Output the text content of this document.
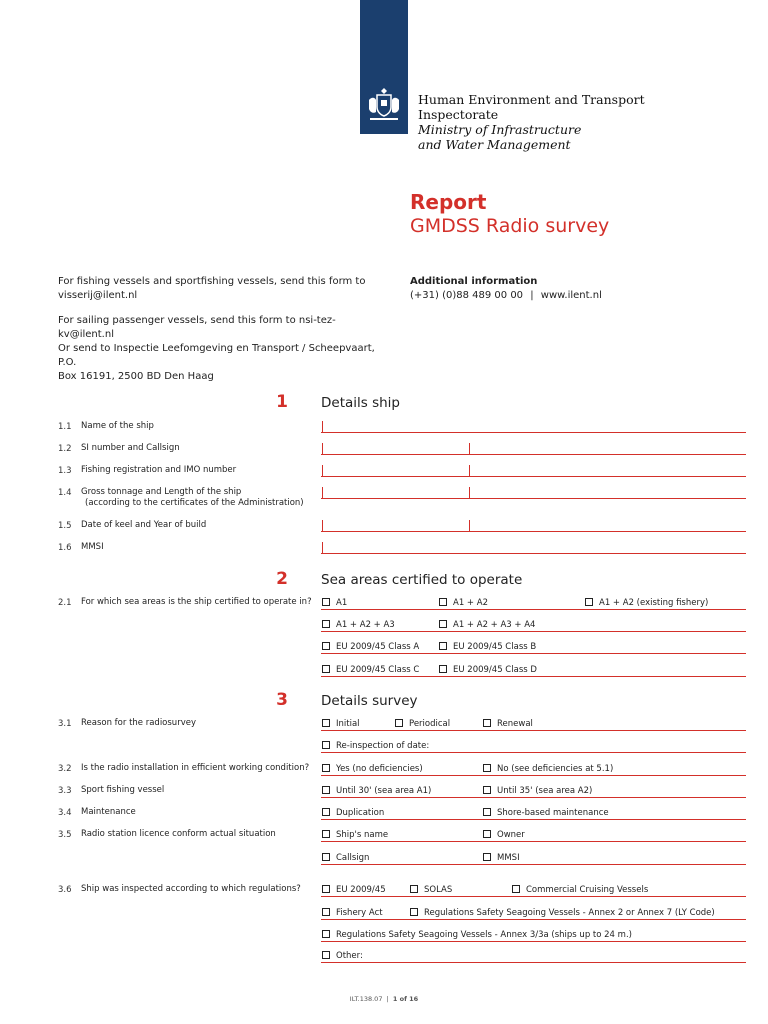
Human Environment and Transport
Inspectorate
Ministry of Infrastructure
and Water Management
Report
GMDSS Radio survey
For fishing vessels and sportfishing vessels, send this form to
visserij@ilent.nl
For sailing passenger vessels, send this form to nsi-tez-kv@ilent.nl
Or send to Inspectie Leefomgeving en Transport / Scheepvaart, P.O.
Box 16191, 2500 BD Den Haag
Additional information
(+31) (0)88 489 00 00 | www.ilent.nl
1 Details ship
1.1 Name of the ship
1.2 SI number and Callsign
1.3 Fishing registration and IMO number
1.4 Gross tonnage and Length of the ship
(according to the certificates of the Administration)
1.5 Date of keel and Year of build
1.6 MMSI
2 Sea areas certified to operate
2.1 For which sea areas is the ship certified to operate in?	A1	A1 + A2	A1 + A2 (existing fishery)
A1 + A2 + A3	A1 + A2 + A3 + A4
EU 2009/45 Class A	EU 2009/45 Class B
EU 2009/45 Class C	EU 2009/45 Class D
3 Details survey
3.1 Reason for the radiosurvey	Initial	Periodical	Renewal
Re-inspection of date:
3.2 Is the radio installation in efficient working condition?	Yes (no deficiencies)	No (see deficiencies at 5.1)
3.3 Sport fishing vessel	Until 30' (sea area A1)	Until 35' (sea area A2)
3.4 Maintenance	Duplication	Shore-based maintenance
3.5 Radio station licence conform actual situation	Ship's name	Owner
Callsign	MMSI
3.6 Ship was inspected according to which regulations?	EU 2009/45	SOLAS	Commercial Cruising Vessels
Fishery Act	Regulations Safety Seagoing Vessels - Annex 2 or Annex 7 (LY Code)
Regulations Safety Seagoing Vessels - Annex 3/3a (ships up to 24 m.)
Other:
ILT.138.07 | 1 of 16
